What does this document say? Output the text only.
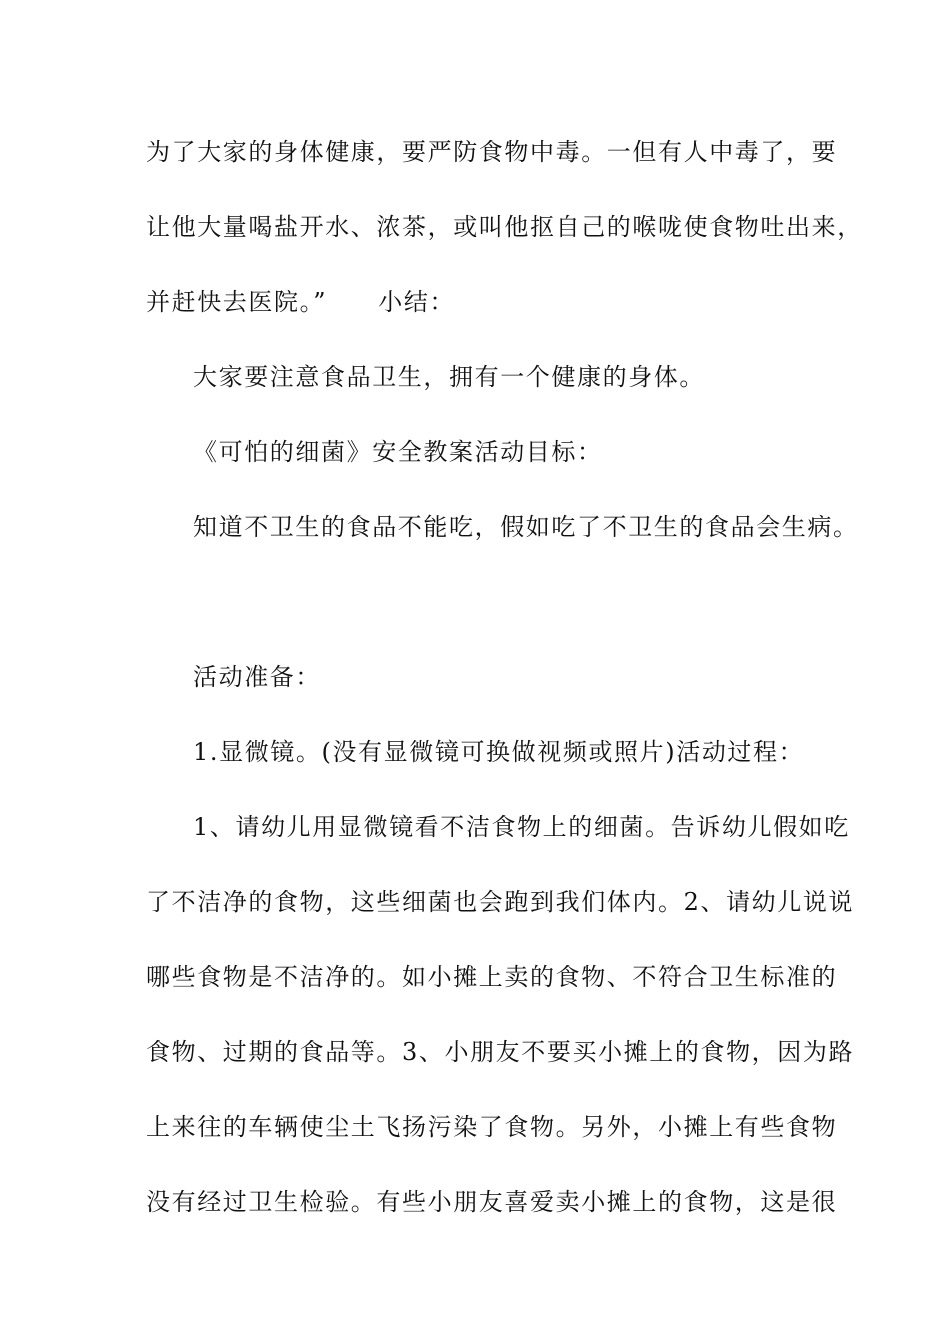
为了大家的身体健康，要严防食物中毒。一但有人中毒了，要
让他大量喝盐开水、浓茶，或叫他抠自己的喉咙使食物吐出来，
并赶快去医院。”　　小结：
大家要注意食品卫生，拥有一个健康的身体。
《可怕的细菌》安全教案活动目标：
知道不卫生的食品不能吃，假如吃了不卫生的食品会生病。
活动准备：
1.显微镜。(没有显微镜可换做视频或照片)活动过程：
1、请幼儿用显微镜看不洁食物上的细菌。告诉幼儿假如吃
了不洁净的食物，这些细菌也会跑到我们体内。2、请幼儿说说
哪些食物是不洁净的。如小摊上卖的食物、不符合卫生标准的
食物、过期的食品等。3、小朋友不要买小摊上的食物，因为路
上来往的车辆使尘土飞扬污染了食物。另外，小摊上有些食物
没有经过卫生检验。有些小朋友喜爱卖小摊上的食物，这是很
